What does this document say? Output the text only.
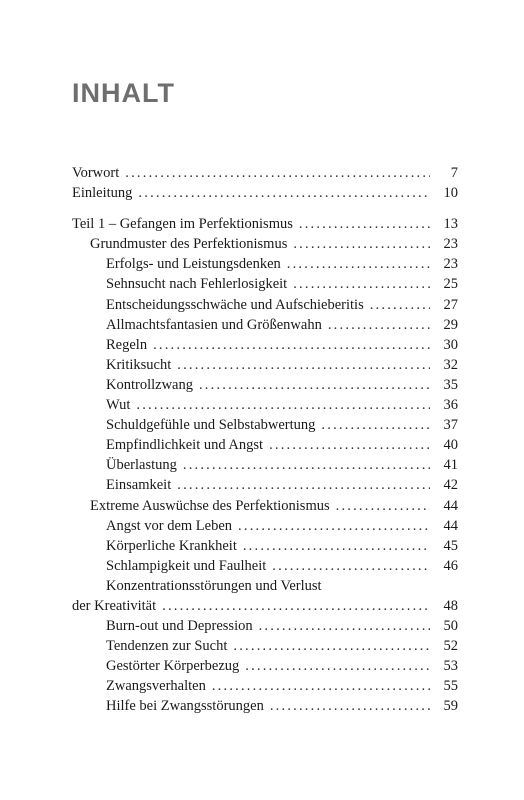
INHALT
Vorwort .....	7
Einleitung .....	10
Teil 1 – Gefangen im Perfektionismus .....	13
Grundmuster des Perfektionismus .....	23
Erfolgs- und Leistungsdenken .....	23
Sehnsucht nach Fehlerlosigkeit .....	25
Entscheidungsschwäche und Aufschieberitis .....	27
Allmachtsfantasien und Größenwahn .....	29
Regeln .....	30
Kritiksucht .....	32
Kontrollzwang .....	35
Wut .....	36
Schuldgefühle und Selbstabwertung .....	37
Empfindlichkeit und Angst .....	40
Überlastung .....	41
Einsamkeit .....	42
Extreme Auswüchse des Perfektionismus .....	44
Angst vor dem Leben .....	44
Körperliche Krankheit .....	45
Schlampigkeit und Faulheit .....	46
Konzentrationsstörungen und Verlust
der Kreativität .....	48
Burn-out und Depression .....	50
Tendenzen zur Sucht .....	52
Gestörter Körperbezug .....	53
Zwangsverhalten .....	55
Hilfe bei Zwangsstörungen .....	59
